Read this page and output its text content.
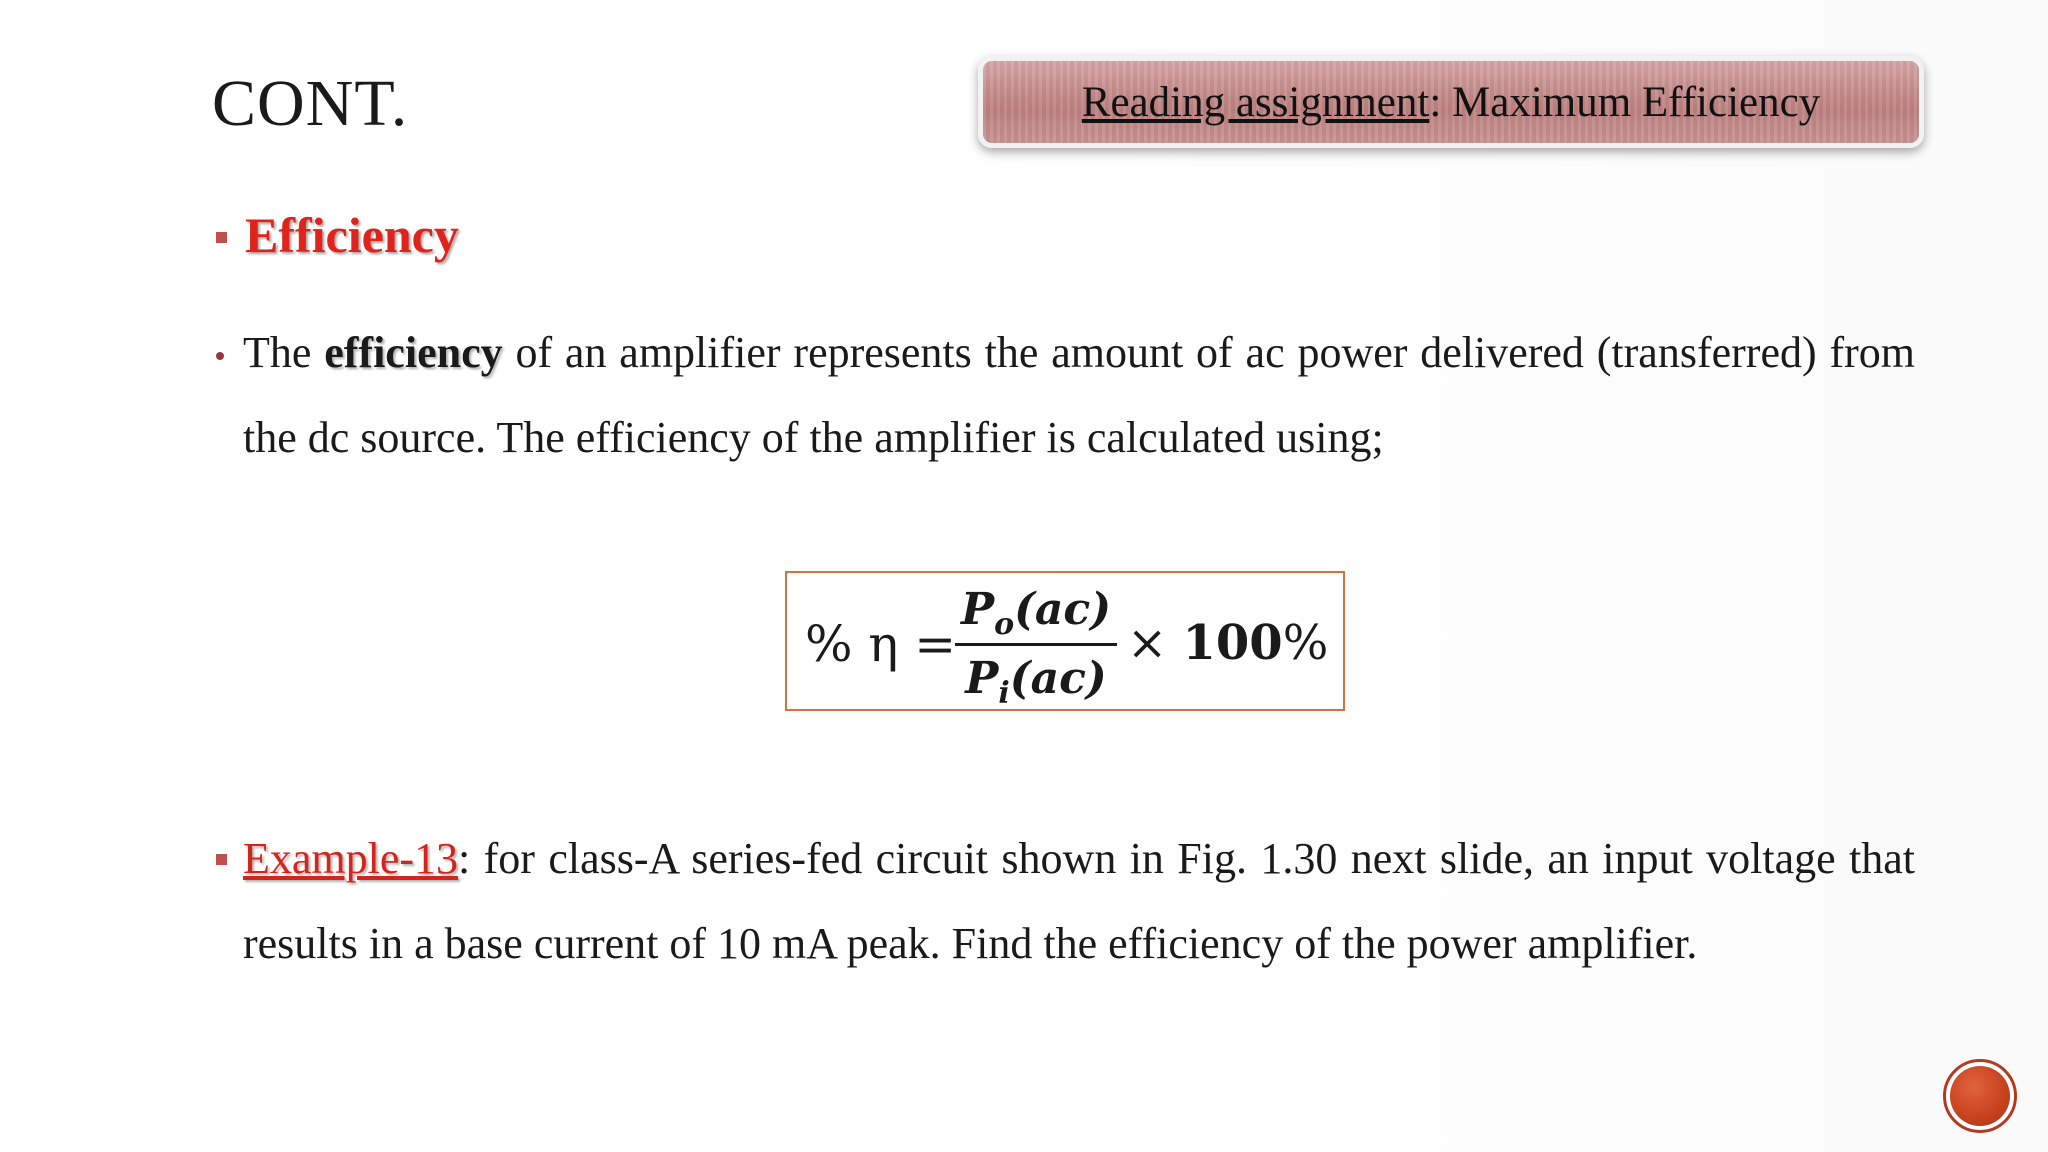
CONT.	Reading assignment : Maximum Efficiency
Efficiency
The efficiency of an amplifier represents the amount of ac power delivered (transferred) from the dc source. The efficiency of the amplifier is calculated using;
% η =
$P_o(ac)$
$P_i(ac)$
× 100%
Example-13: for class-A series-fed circuit shown in Fig. 1.30 next slide, an input voltage that results in a base current of 10 mA peak. Find the efficiency of the power amplifier.
